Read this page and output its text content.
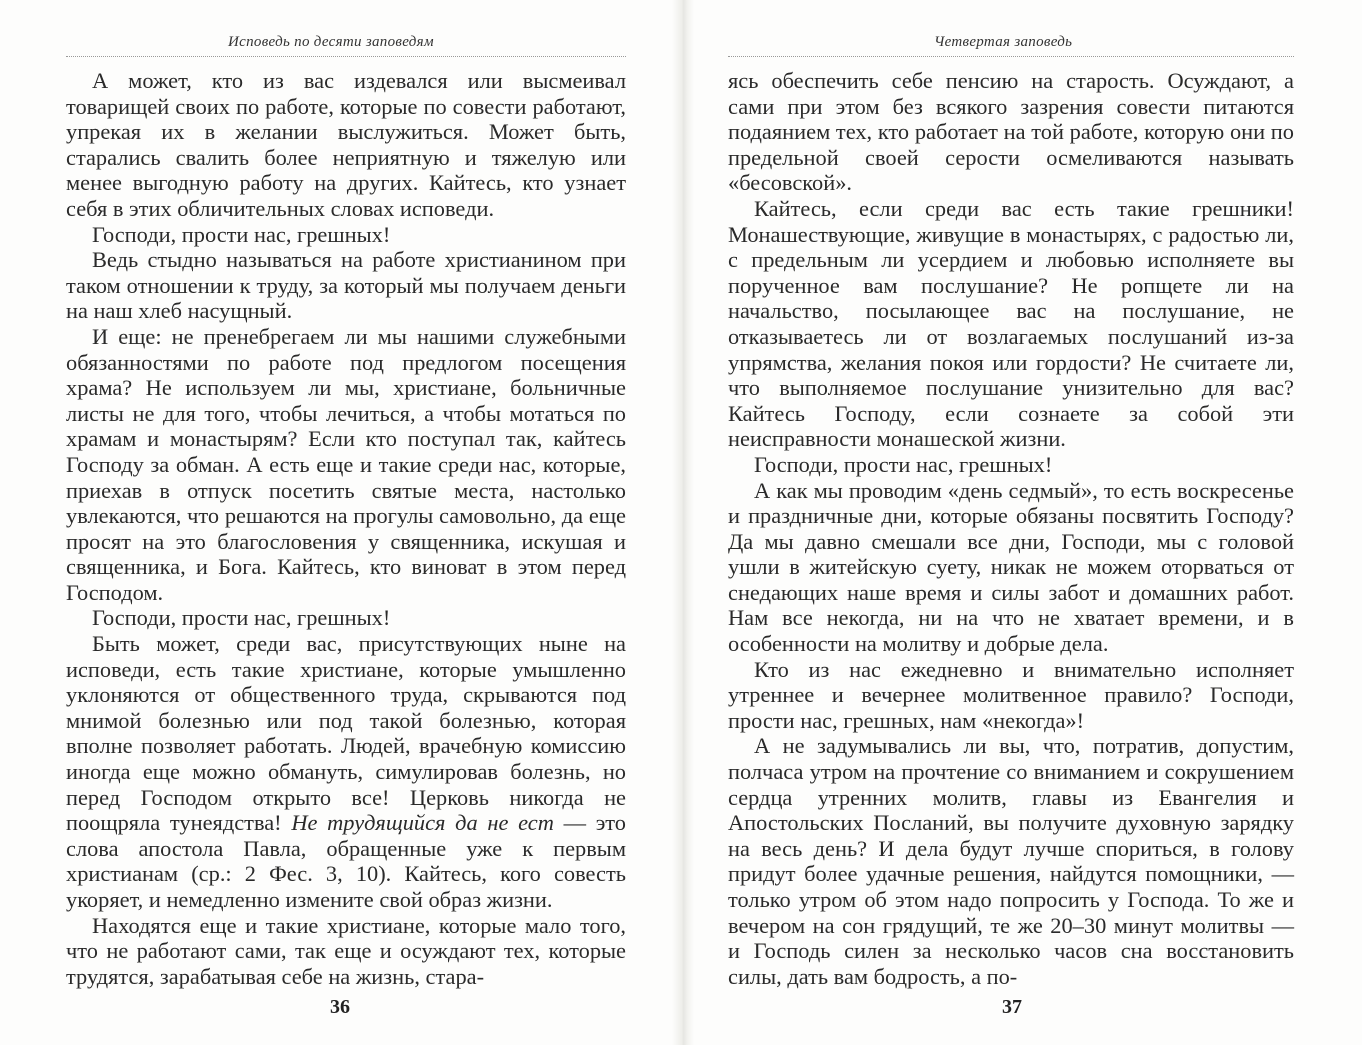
Исповедь по десяти заповедям

А может, кто из вас издевался или высмеивал товарищей своих по работе, которые по совести работают, упрекая их в желании выслужиться. Может быть, старались свалить более неприятную и тяжелую или менее выгодную работу на других. Кайтесь, кто узнает себя в этих обличительных словах исповеди.

Господи, прости нас, грешных!

Ведь стыдно называться на работе христианином при таком отношении к труду, за который мы получаем деньги на наш хлеб насущный.

И еще: не пренебрегаем ли мы нашими служебными обязанностями по работе под предлогом посещения храма? Не используем ли мы, христиане, больничные листы не для того, чтобы лечиться, а чтобы мотаться по храмам и монастырям? Если кто поступал так, кайтесь Господу за обман. А есть еще и такие среди нас, которые, приехав в отпуск посетить святые места, настолько увлекаются, что решаются на прогулы самовольно, да еще просят на это благословения у священника, искушая и священника, и Бога. Кайтесь, кто виноват в этом перед Господом.

Господи, прости нас, грешных!

Быть может, среди вас, присутствующих ныне на исповеди, есть такие христиане, которые умышленно уклоняются от общественного труда, скрываются под мнимой болезнью или под такой болезнью, которая вполне позволяет работать. Людей, врачебную комиссию иногда еще можно обмануть, симулировав болезнь, но перед Господом открыто все! Церковь никогда не поощряла тунеядства! Не трудящийся да не ест — это слова апостола Павла, обращенные уже к первым христианам (ср.: 2 Фес. 3, 10). Кайтесь, кого совесть укоряет, и немедленно измените свой образ жизни.

Находятся еще и такие христиане, которые мало того, что не работают сами, так еще и осуждают тех, которые трудятся, зарабатывая себе на жизнь, стара-

36

Четвертая заповедь

ясь обеспечить себе пенсию на старость. Осуждают, а сами при этом без всякого зазрения совести питаются подаянием тех, кто работает на той работе, которую они по предельной своей серости осмеливаются называть «бесовской».

Кайтесь, если среди вас есть такие грешники! Монашествующие, живущие в монастырях, с радостью ли, с предельным ли усердием и любовью исполняете вы порученное вам послушание? Не ропщете ли на начальство, посылающее вас на послушание, не отказываетесь ли от возлагаемых послушаний из-за упрямства, желания покоя или гордости? Не считаете ли, что выполняемое послушание унизительно для вас? Кайтесь Господу, если сознаете за собой эти неисправности монашеской жизни.

Господи, прости нас, грешных!

А как мы проводим «день седмый», то есть воскресенье и праздничные дни, которые обязаны посвятить Господу? Да мы давно смешали все дни, Господи, мы с головой ушли в житейскую суету, никак не можем оторваться от снедающих наше время и силы забот и домашних работ. Нам все некогда, ни на что не хватает времени, и в особенности на молитву и добрые дела.

Кто из нас ежедневно и внимательно исполняет утреннее и вечернее молитвенное правило? Господи, прости нас, грешных, нам «некогда»!

А не задумывались ли вы, что, потратив, допустим, полчаса утром на прочтение со вниманием и сокрушением сердца утренних молитв, главы из Евангелия и Апостольских Посланий, вы получите духовную зарядку на весь день? И дела будут лучше спориться, в голову придут более удачные решения, найдутся помощники, — только утром об этом надо попросить у Господа. То же и вечером на сон грядущий, те же 20–30 минут молитвы — и Господь силен за несколько часов сна восстановить силы, дать вам бодрость, а по-

37
